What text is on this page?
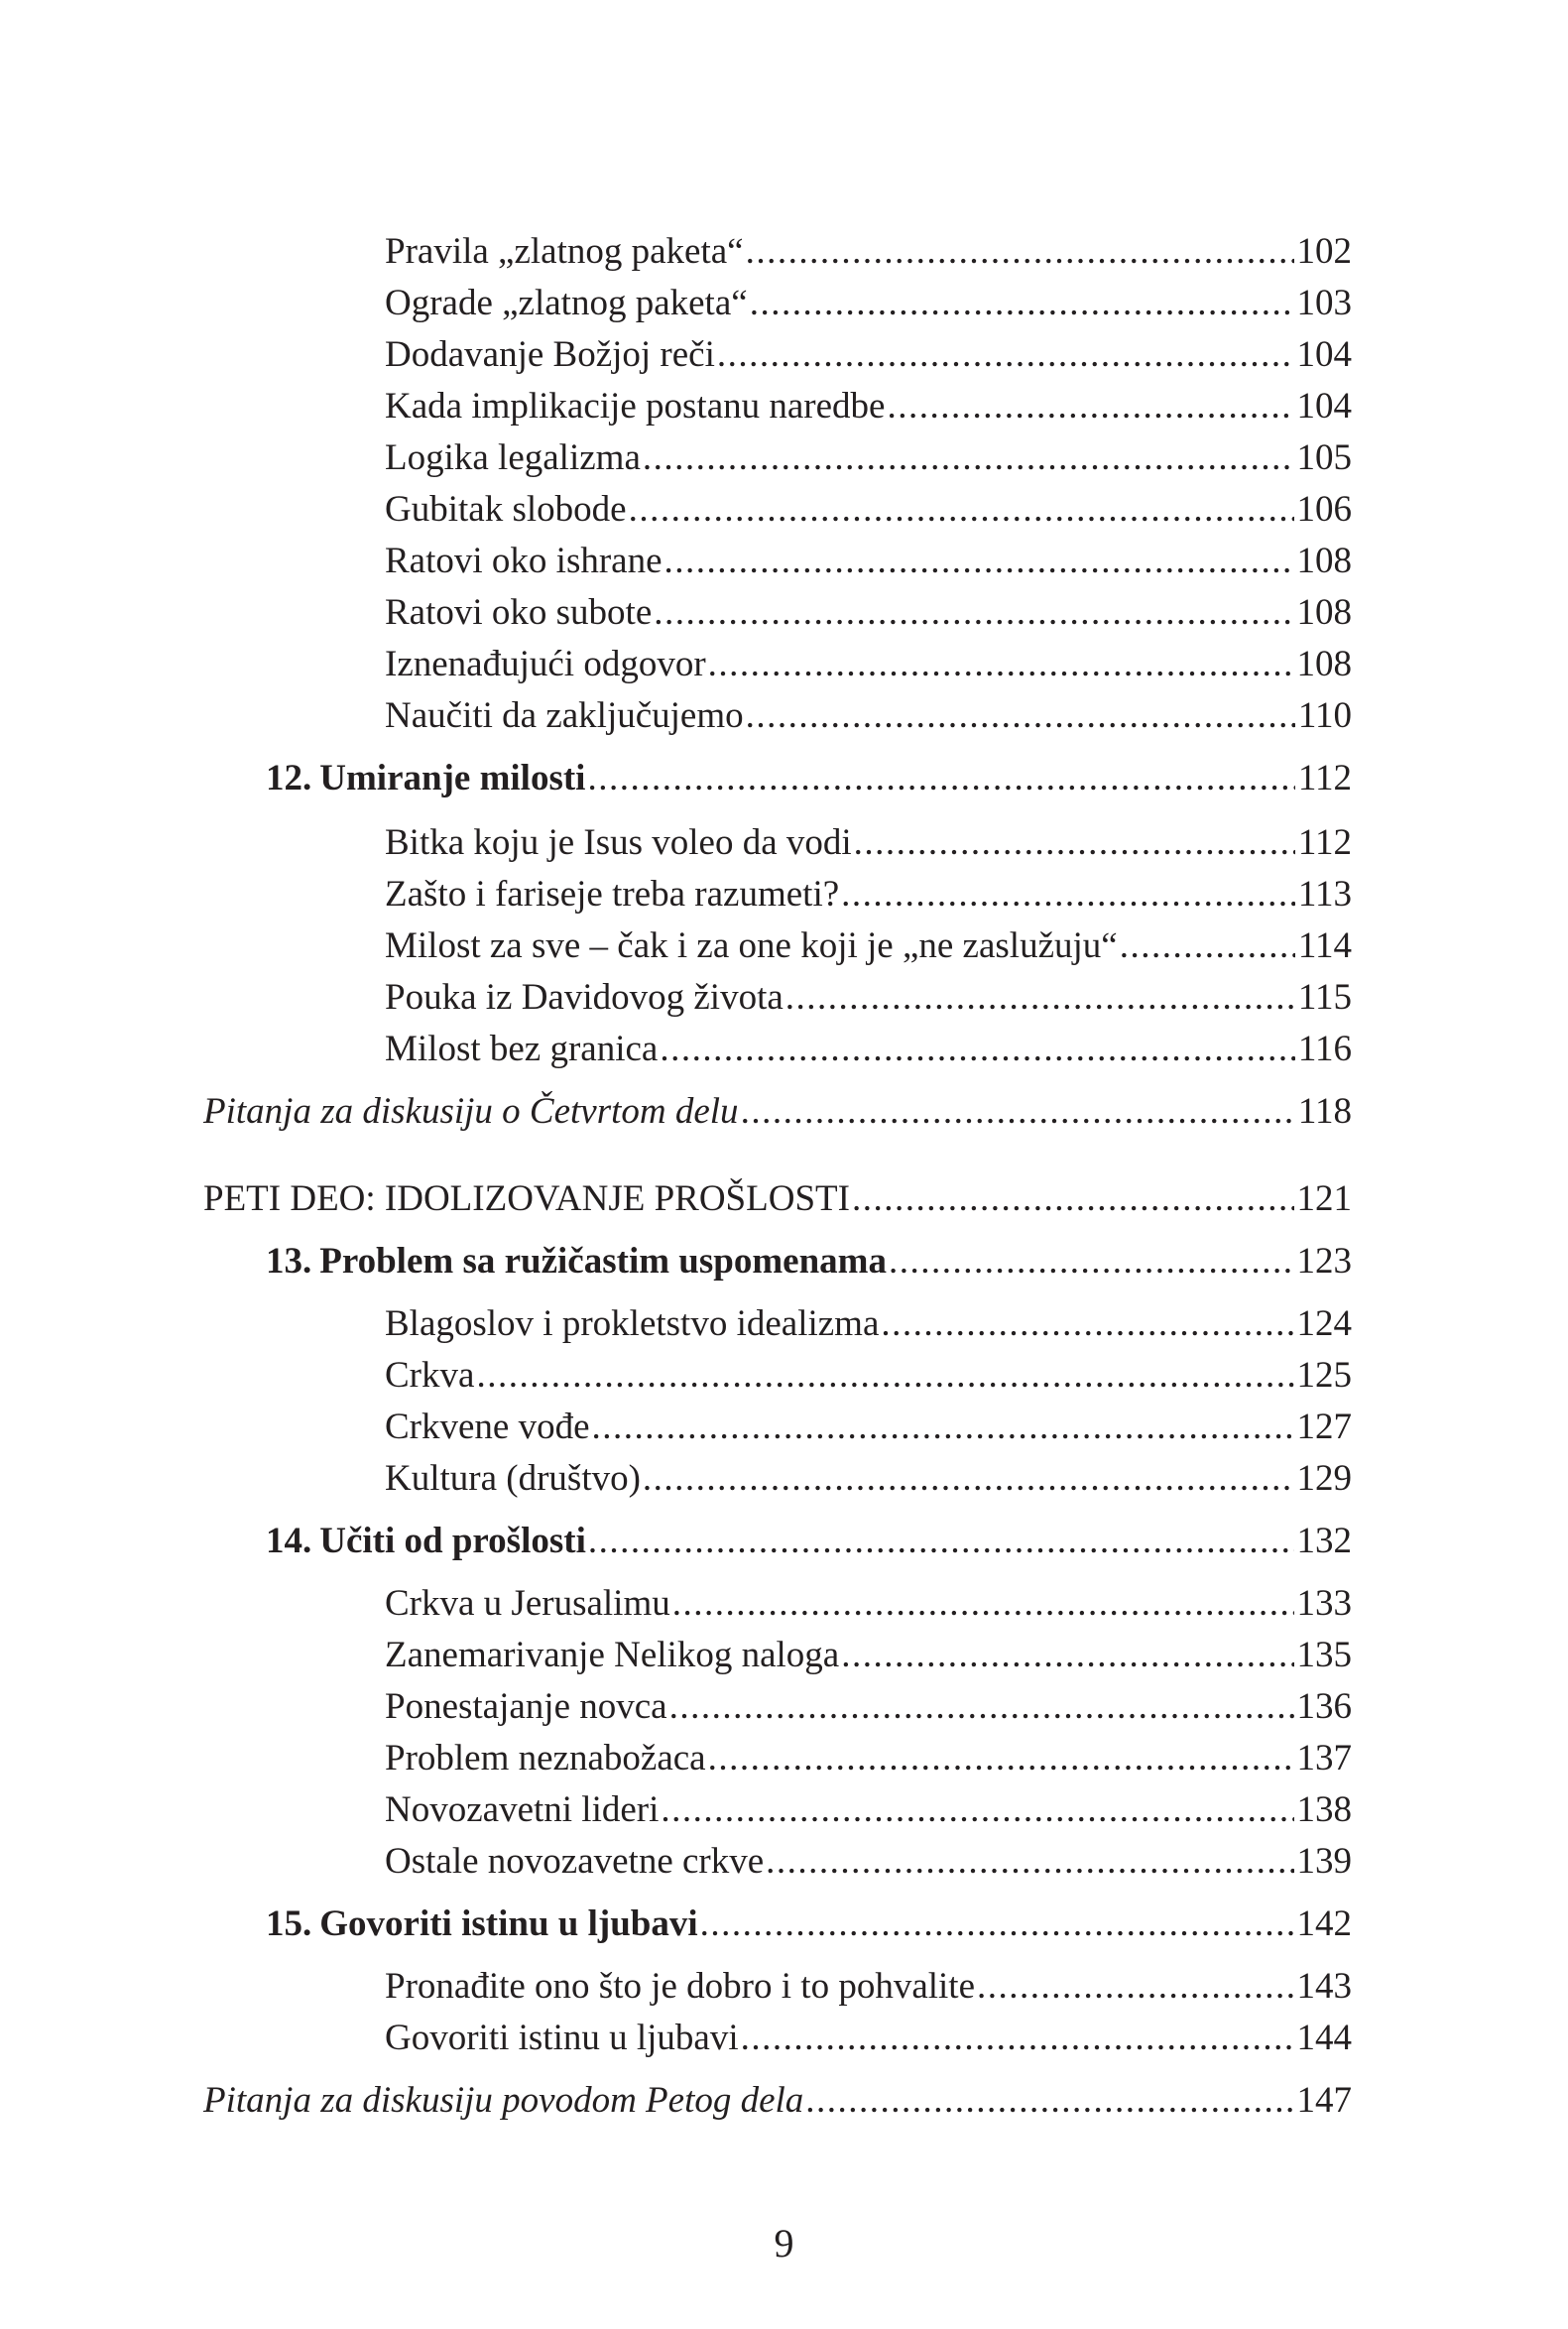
Pravila „zlatnog paketa“ .....	102
Ograde „zlatnog paketa“ .....	103
Dodavanje Božjoj reči .....	104
Kada implikacije postanu naredbe .....	104
Logika legalizma .....	105
Gubitak slobode .....	106
Ratovi oko ishrane .....	108
Ratovi oko subote .....	108
Iznenađujući odgovor .....	108
Naučiti da zaključujemo .....	110
12. Umiranje milosti .....	112
Bitka koju je Isus voleo da vodi .....	112
Zašto i fariseje treba razumeti? .....	113
Milost za sve – čak i za one koji je „ne zaslužuju“ .....	114
Pouka iz Davidovog života .....	115
Milost bez granica .....	116
Pitanja za diskusiju o Četvrtom delu .....	118
PETI DEO: IDOLIZOVANJE PROŠLOSTI .....	121
13. Problem sa ružičastim uspomenama .....	123
Blagoslov i prokletstvo idealizma .....	124
Crkva .....	125
Crkvene vođe .....	127
Kultura (društvo) .....	129
14. Učiti od prošlosti .....	132
Crkva u Jerusalimu .....	133
Zanemarivanje Nelikog naloga .....	135
Ponestajanje novca .....	136
Problem neznabožaca .....	137
Novozavetni lideri .....	138
Ostale novozavetne crkve .....	139
15. Govoriti istinu u ljubavi .....	142
Pronađite ono što je dobro i to pohvalite .....	143
Govoriti istinu u ljubavi .....	144
Pitanja za diskusiju povodom Petog dela .....	147
9
